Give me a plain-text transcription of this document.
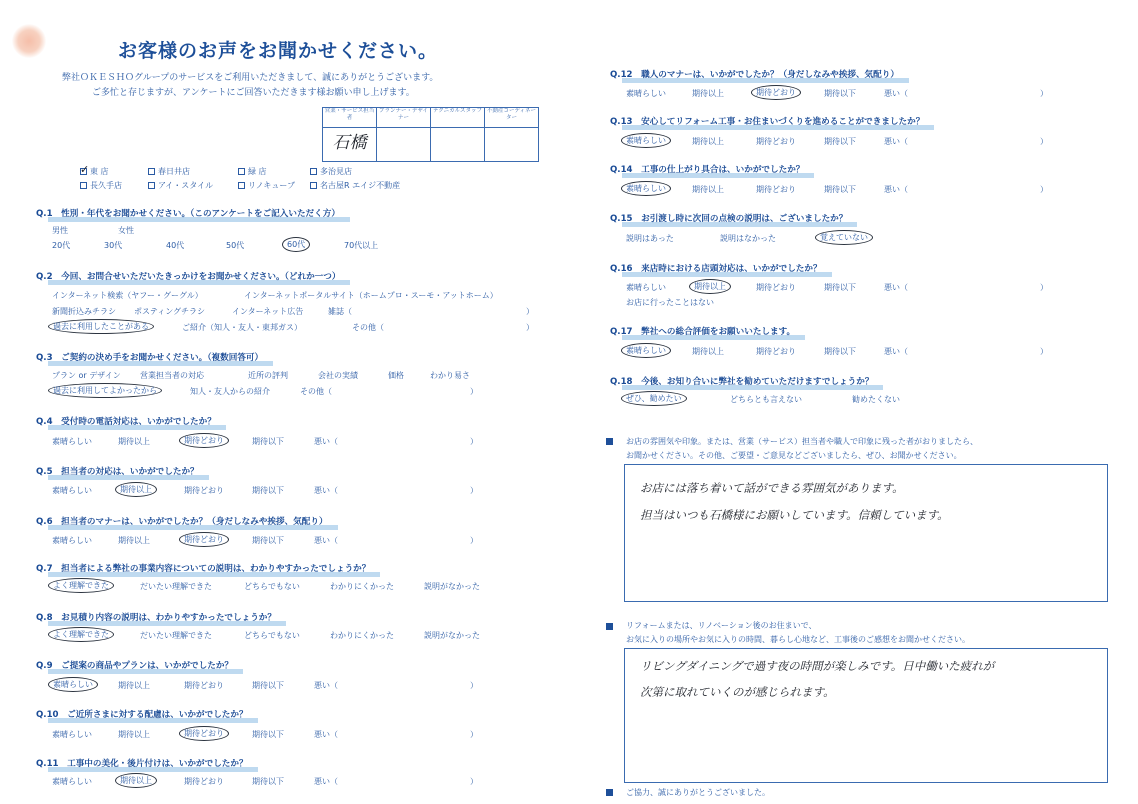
お客様のお声をお聞かせください。
弊社ＯＫＥＳＨＯグループのサービスをご利用いただきまして、誠にありがとうございます。
ご多忙と存じますが、アンケートにご回答いただきます様お願い申し上げます。
営業・サービス担当者	プランナー・デザイナー	テクニカルスタッフ	不動産コーディネーター
石橋			
✓ 東 店	春日井店	緑 店	多治見店
長久手店	アイ・スタイル	リノキューブ	名古屋R エイジ不動産
Q.1　性別・年代をお聞かせください。（このアンケートをご記入いただく方）
男性	女性
20代	30代	40代	50代	60代	70代以上
Q.2　今回、お問合せいただいたきっかけをお聞かせください。（どれか一つ）
インターネット検索（ヤフー・グーグル）	インターネットポータルサイト（ホームプロ・スーモ・アットホーム）
新聞折込みチラシ ポスティングチラシ	インターネット広告	雑誌（	）
過去に利用したことがある	ご紹介（知人・友人・東邦ガス）	その他（	）
Q.3　ご契約の決め手をお聞かせください。（複数回答可）
プラン or デザイン 営業担当者の対応	近所の評判	会社の実績	価格	わかり易さ
過去に利用してよかったから	知人・友人からの紹介	その他（	）
Q.4　受付時の電話対応は、いかがでしたか？
素晴らしい	期待以上	期待どおり	期待以下	悪い（	）
Q.5　担当者の対応は、いかがでしたか？
素晴らしい	期待以上	期待どおり	期待以下	悪い（	）
Q.6　担当者のマナーは、いかがでしたか？（身だしなみや挨拶、気配り）
素晴らしい	期待以上	期待どおり	期待以下	悪い（	）
Q.7　担当者による弊社の事業内容についての説明は、わかりやすかったでしょうか？
よく理解できた	だいたい理解できた	どちらでもない	わかりにくかった	説明がなかった
Q.8　お見積り内容の説明は、わかりやすかったでしょうか？
よく理解できた	だいたい理解できた	どちらでもない	わかりにくかった	説明がなかった
Q.9　ご提案の商品やプランは、いかがでしたか？
素晴らしい	期待以上	期待どおり	期待以下	悪い（	）
Q.10　ご近所さまに対する配慮は、いかがでしたか？
素晴らしい	期待以上	期待どおり	期待以下	悪い（	）
Q.11　工事中の美化・後片付けは、いかがでしたか？
素晴らしい	期待以上	期待どおり	期待以下	悪い（	）
Q.12　職人のマナーは、いかがでしたか？（身だしなみや挨拶、気配り）
素晴らしい	期待以上	期待どおり	期待以下	悪い（	）
Q.13　安心してリフォーム工事・お住まいづくりを進めることができましたか？
素晴らしい	期待以上	期待どおり	期待以下	悪い（	）
Q.14　工事の仕上がり具合は、いかがでしたか？
素晴らしい	期待以上	期待どおり	期待以下	悪い（	）
Q.15　お引渡し時に次回の点検の説明は、ございましたか？
説明はあった	説明はなかった	覚えていない
Q.16　来店時における店頭対応は、いかがでしたか？
素晴らしい	期待以上	期待どおり	期待以下	悪い（	）
お店に行ったことはない
Q.17　弊社への総合評価をお願いいたします。
素晴らしい	期待以上	期待どおり	期待以下	悪い（	）
Q.18　今後、お知り合いに弊社を勧めていただけますでしょうか？
ぜひ、勧めたい	どちらとも言えない	勧めたくない
お店の雰囲気や印象。または、営業（サービス）担当者や職人で印象に残った者がおりましたら、
お聞かせください。その他、ご要望・ご意見などございましたら、ぜひ、お聞かせください。
お店には落ち着いて話ができる雰囲気があります。
担当はいつも石橋様にお願いしています。信頼しています。
リフォームまたは、リノベーション後のお住まいで、
お気に入りの場所やお気に入りの時間、暮らし心地など、工事後のご感想をお聞かせください。
リビングダイニングで過す夜の時間が楽しみです。日中働いた疲れが
次第に取れていくのが感じられます。
ご協力、誠にありがとうございました。
